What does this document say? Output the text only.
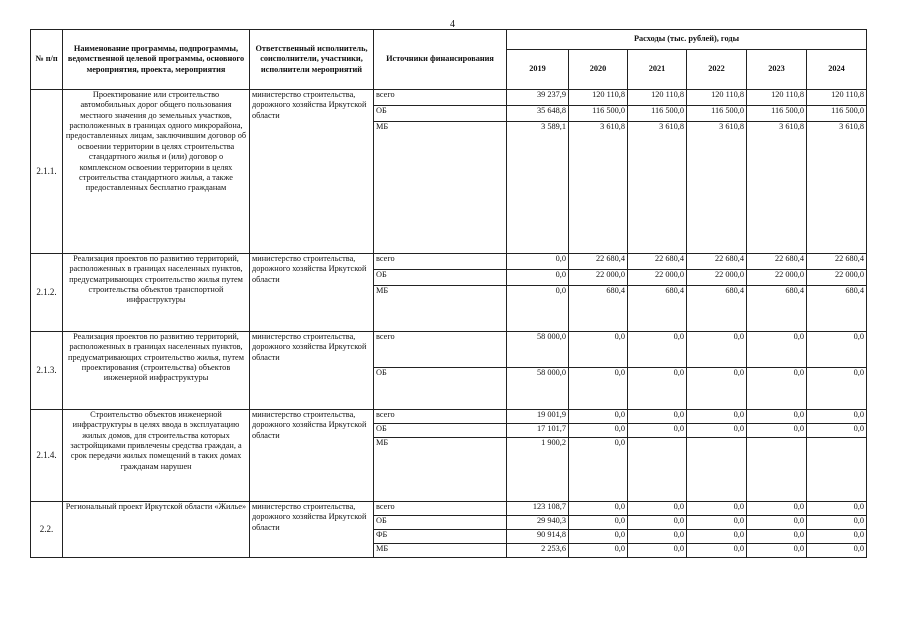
4
№ п/п	Наименование программы, подпрограммы, ведомственной целевой программы, основного мероприятия, проекта, мероприятия	Ответственный исполнитель, соисполнители, участники, исполнители мероприятий	Источники финансирования	Расходы (тыс. рублей), годы					
				2019	2020	2021	2022	2023	2024
2.1.1.	Проектирование или строительство автомобильных дорог общего пользования местного значения до земельных участков, расположенных в границах одного микрорайона, предоставленных лицам, заключившим договор об освоении территории в целях строительства стандартного жилья и (или) договор о комплексном освоении территории в целях строительства стандартного жилья, а также предоставленных бесплатно гражданам	министерство строительства, дорожного хозяйства Иркутской области	всего	39 237,9	120 110,8	120 110,8	120 110,8	120 110,8	120 110,8
			ОБ	35 648,8	116 500,0	116 500,0	116 500,0	116 500,0	116 500,0
			МБ	3 589,1	3 610,8	3 610,8	3 610,8	3 610,8	3 610,8

2.1.2.	Реализация проектов по развитию территорий, расположенных в границах населенных пунктов, предусматривающих строительство жилья путем строительства объектов транспортной инфраструктуры	министерство строительства, дорожного хозяйства Иркутской области	всего	0,0	22 680,4	22 680,4	22 680,4	22 680,4	22 680,4
			ОБ	0,0	22 000,0	22 000,0	22 000,0	22 000,0	22 000,0
			МБ	0,0	680,4	680,4	680,4	680,4	680,4

2.1.3.	Реализация проектов по развитию территорий, расположенных в границах населенных пунктов, предусматривающих строительство жилья, путем проектирования (строительства) объектов инженерной инфраструктуры	министерство строительства, дорожного хозяйства Иркутской области	всего	58 000,0	0,0	0,0	0,0	0,0	0,0
			ОБ	58 000,0	0,0	0,0	0,0	0,0	0,0
2.1.4.	Строительство объектов инженерной инфраструктуры в целях ввода в эксплуатацию жилых домов, для строительства которых застройщиками привлечены средства граждан, а срок передачи жилых помещений в таких домах гражданам нарушен	министерство строительства, дорожного хозяйства Иркутской области	всего	19 001,9	0,0	0,0	0,0	0,0	0,0
			ОБ	17 101,7	0,0	0,0	0,0	0,0	0,0
			МБ	1 900,2	0,0				

2.2.	Региональный проект Иркутской области «Жилье»	министерство строительства, дорожного хозяйства Иркутской области	всего	123 108,7	0,0	0,0	0,0	0,0	0,0
			ОБ	29 940,3	0,0	0,0	0,0	0,0	0,0
			ФБ	90 914,8	0,0	0,0	0,0	0,0	0,0
			МБ	2 253,6	0,0	0,0	0,0	0,0	0,0
